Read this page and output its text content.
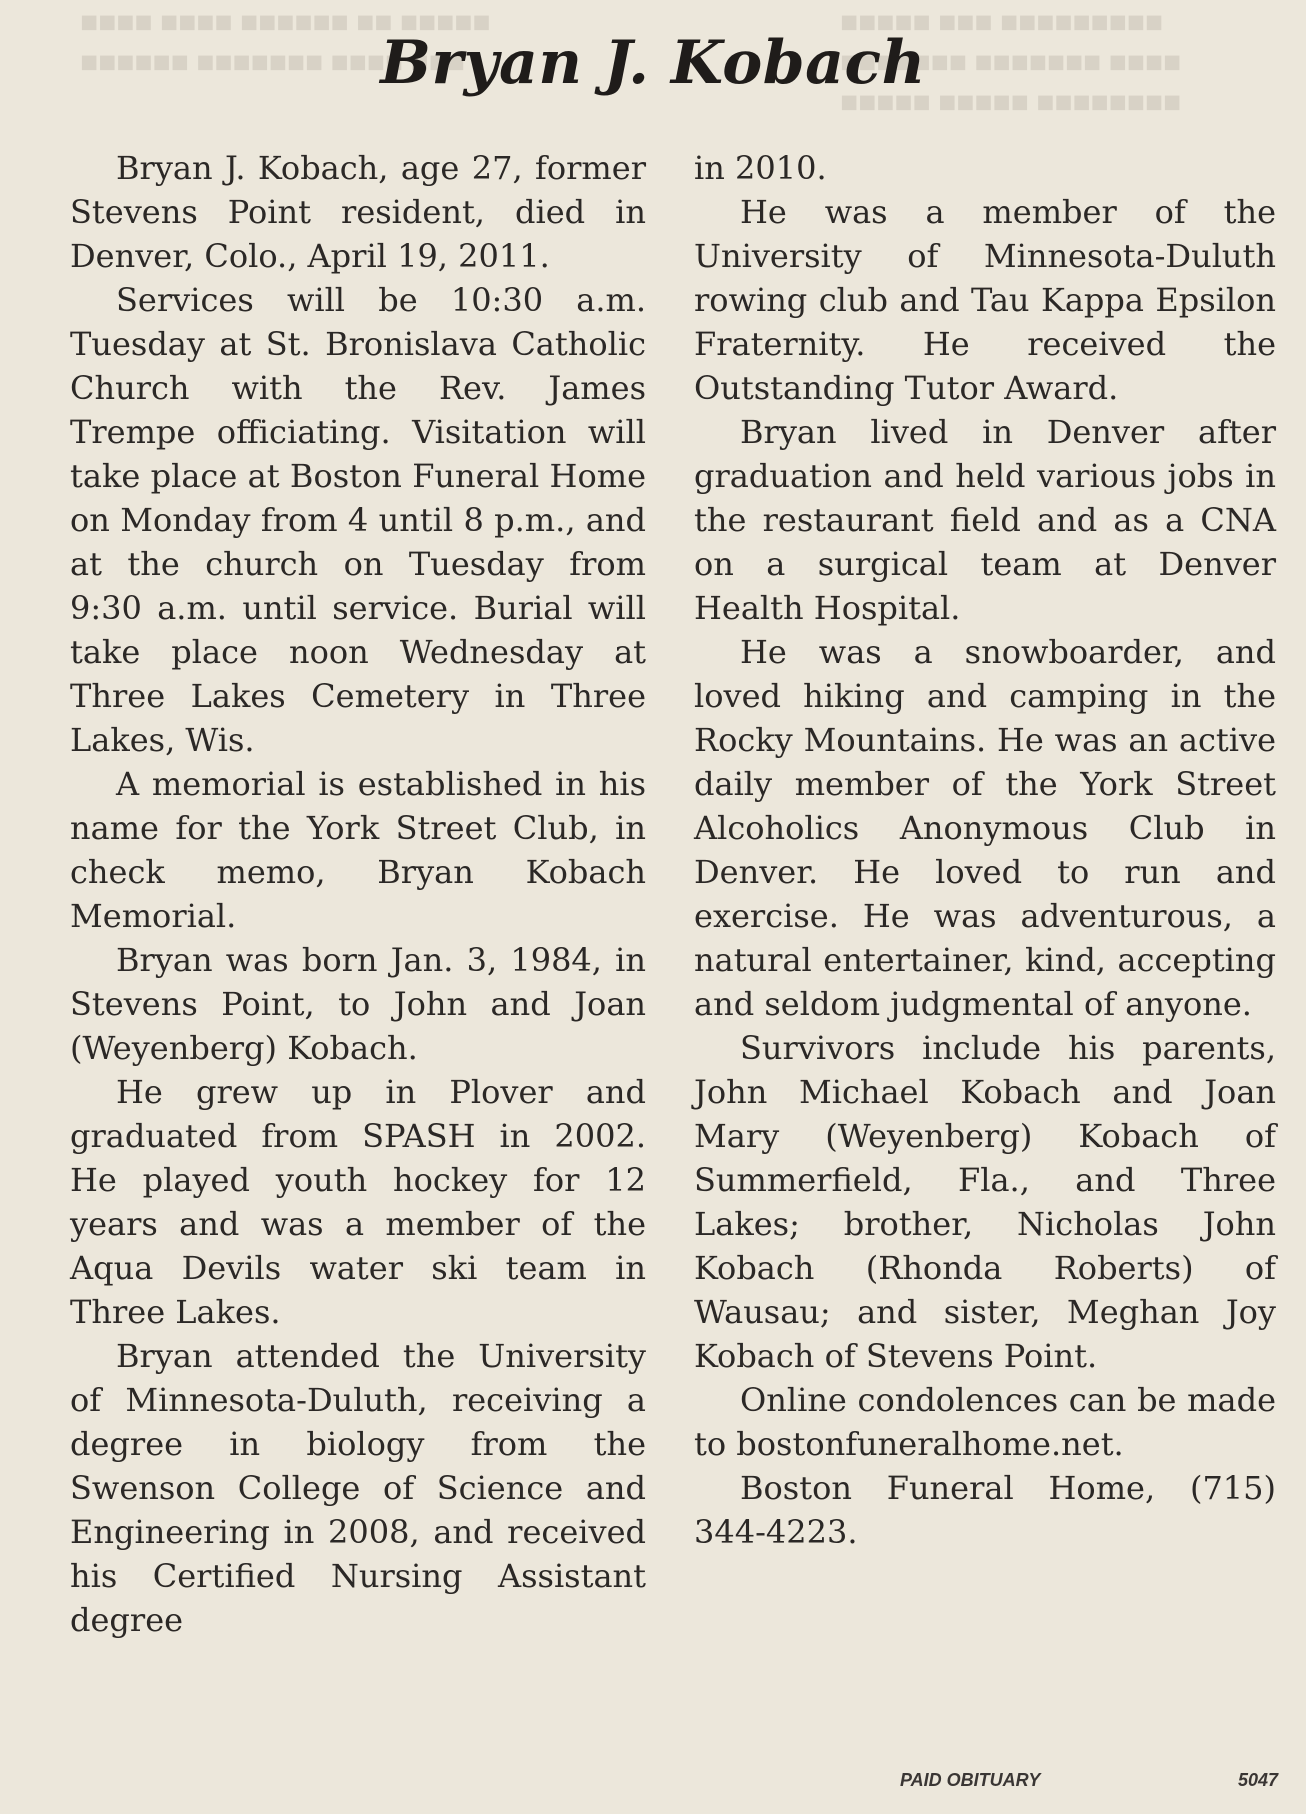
■■■■ ■■■■ ■■■■■■ ■■ ■■■■■
■■■■■■ ■■■■■■■ ■■■■ ■■■
■■■■■ ■■■ ■■■■■■■■■
■■■■■■■ ■■■■■■■ ■■■■
■■■■■ ■■■■■ ■■■■■■■■
Bryan J. Kobach

Bryan J. Kobach, age 27, former Stevens Point resident, died in Denver, Colo., April 19, 2011.

Services will be 10:30 a.m. Tuesday at St. Bronislava Catholic Church with the Rev. James Trempe officiating. Visitation will take place at Boston Funeral Home on Monday from 4 until 8 p.m., and at the church on Tuesday from 9:30 a.m. until service. Burial will take place noon Wednesday at Three Lakes Cemetery in Three Lakes, Wis.

A memorial is established in his name for the York Street Club, in check memo, Bryan Kobach Memorial.

Bryan was born Jan. 3, 1984, in Stevens Point, to John and Joan (Weyenberg) Kobach.

He grew up in Plover and graduated from SPASH in 2002. He played youth hockey for 12 years and was a member of the Aqua Devils water ski team in Three Lakes.

Bryan attended the University of Minnesota-Duluth, receiving a degree in biology from the Swenson College of Science and Engineering in 2008, and received his Certified Nursing Assistant degree

in 2010.

He was a member of the University of Minnesota-Duluth rowing club and Tau Kappa Epsilon Fraternity. He received the Outstanding Tutor Award.

Bryan lived in Denver after graduation and held various jobs in the restaurant field and as a CNA on a surgical team at Denver Health Hospital.

He was a snowboarder, and loved hiking and camping in the Rocky Mountains. He was an active daily member of the York Street Alcoholics Anonymous Club in Denver. He loved to run and exercise. He was adventurous, a natural entertainer, kind, accepting and seldom judgmental of anyone.

Survivors include his parents, John Michael Kobach and Joan Mary (Weyenberg) Kobach of Summerfield, Fla., and Three Lakes; brother, Nicholas John Kobach (Rhonda Roberts) of Wausau; and sister, Meghan Joy Kobach of Stevens Point.

Online condolences can be made to bostonfuneralhome.net.

Boston Funeral Home, (715) 344-4223.

PAID OBITUARY	5047
